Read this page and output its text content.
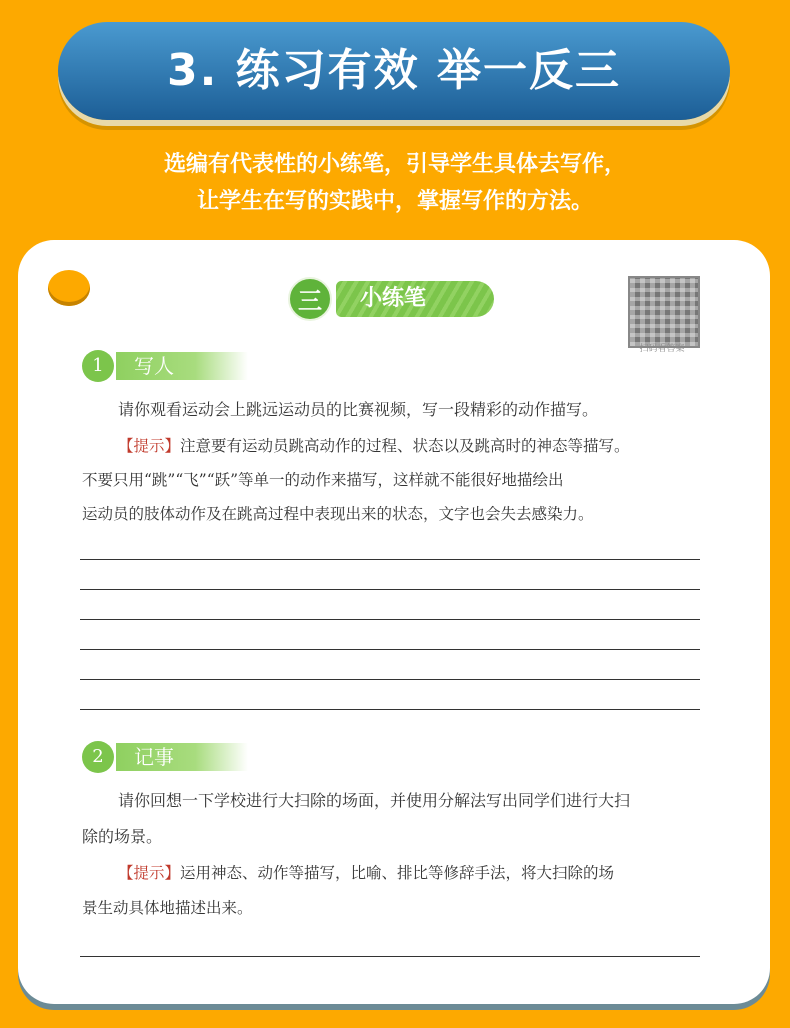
3. 练习有效 举一反三
选编有代表性的小练笔，引导学生具体去写作，
让学生在写的实践中，掌握写作的方法。
三	小练笔
扫码看答案
1	写人
请你观看运动会上跳远运动员的比赛视频，写一段精彩的动作描写。
【提示】注意要有运动员跳高动作的过程、状态以及跳高时的神态等描写。
不要只用“跳”“飞”“跃”等单一的动作来描写，这样就不能很好地描绘出
运动员的肢体动作及在跳高过程中表现出来的状态，文字也会失去感染力。
2	记事
请你回想一下学校进行大扫除的场面，并使用分解法写出同学们进行大扫
除的场景。
【提示】运用神态、动作等描写，比喻、排比等修辞手法，将大扫除的场
景生动具体地描述出来。
